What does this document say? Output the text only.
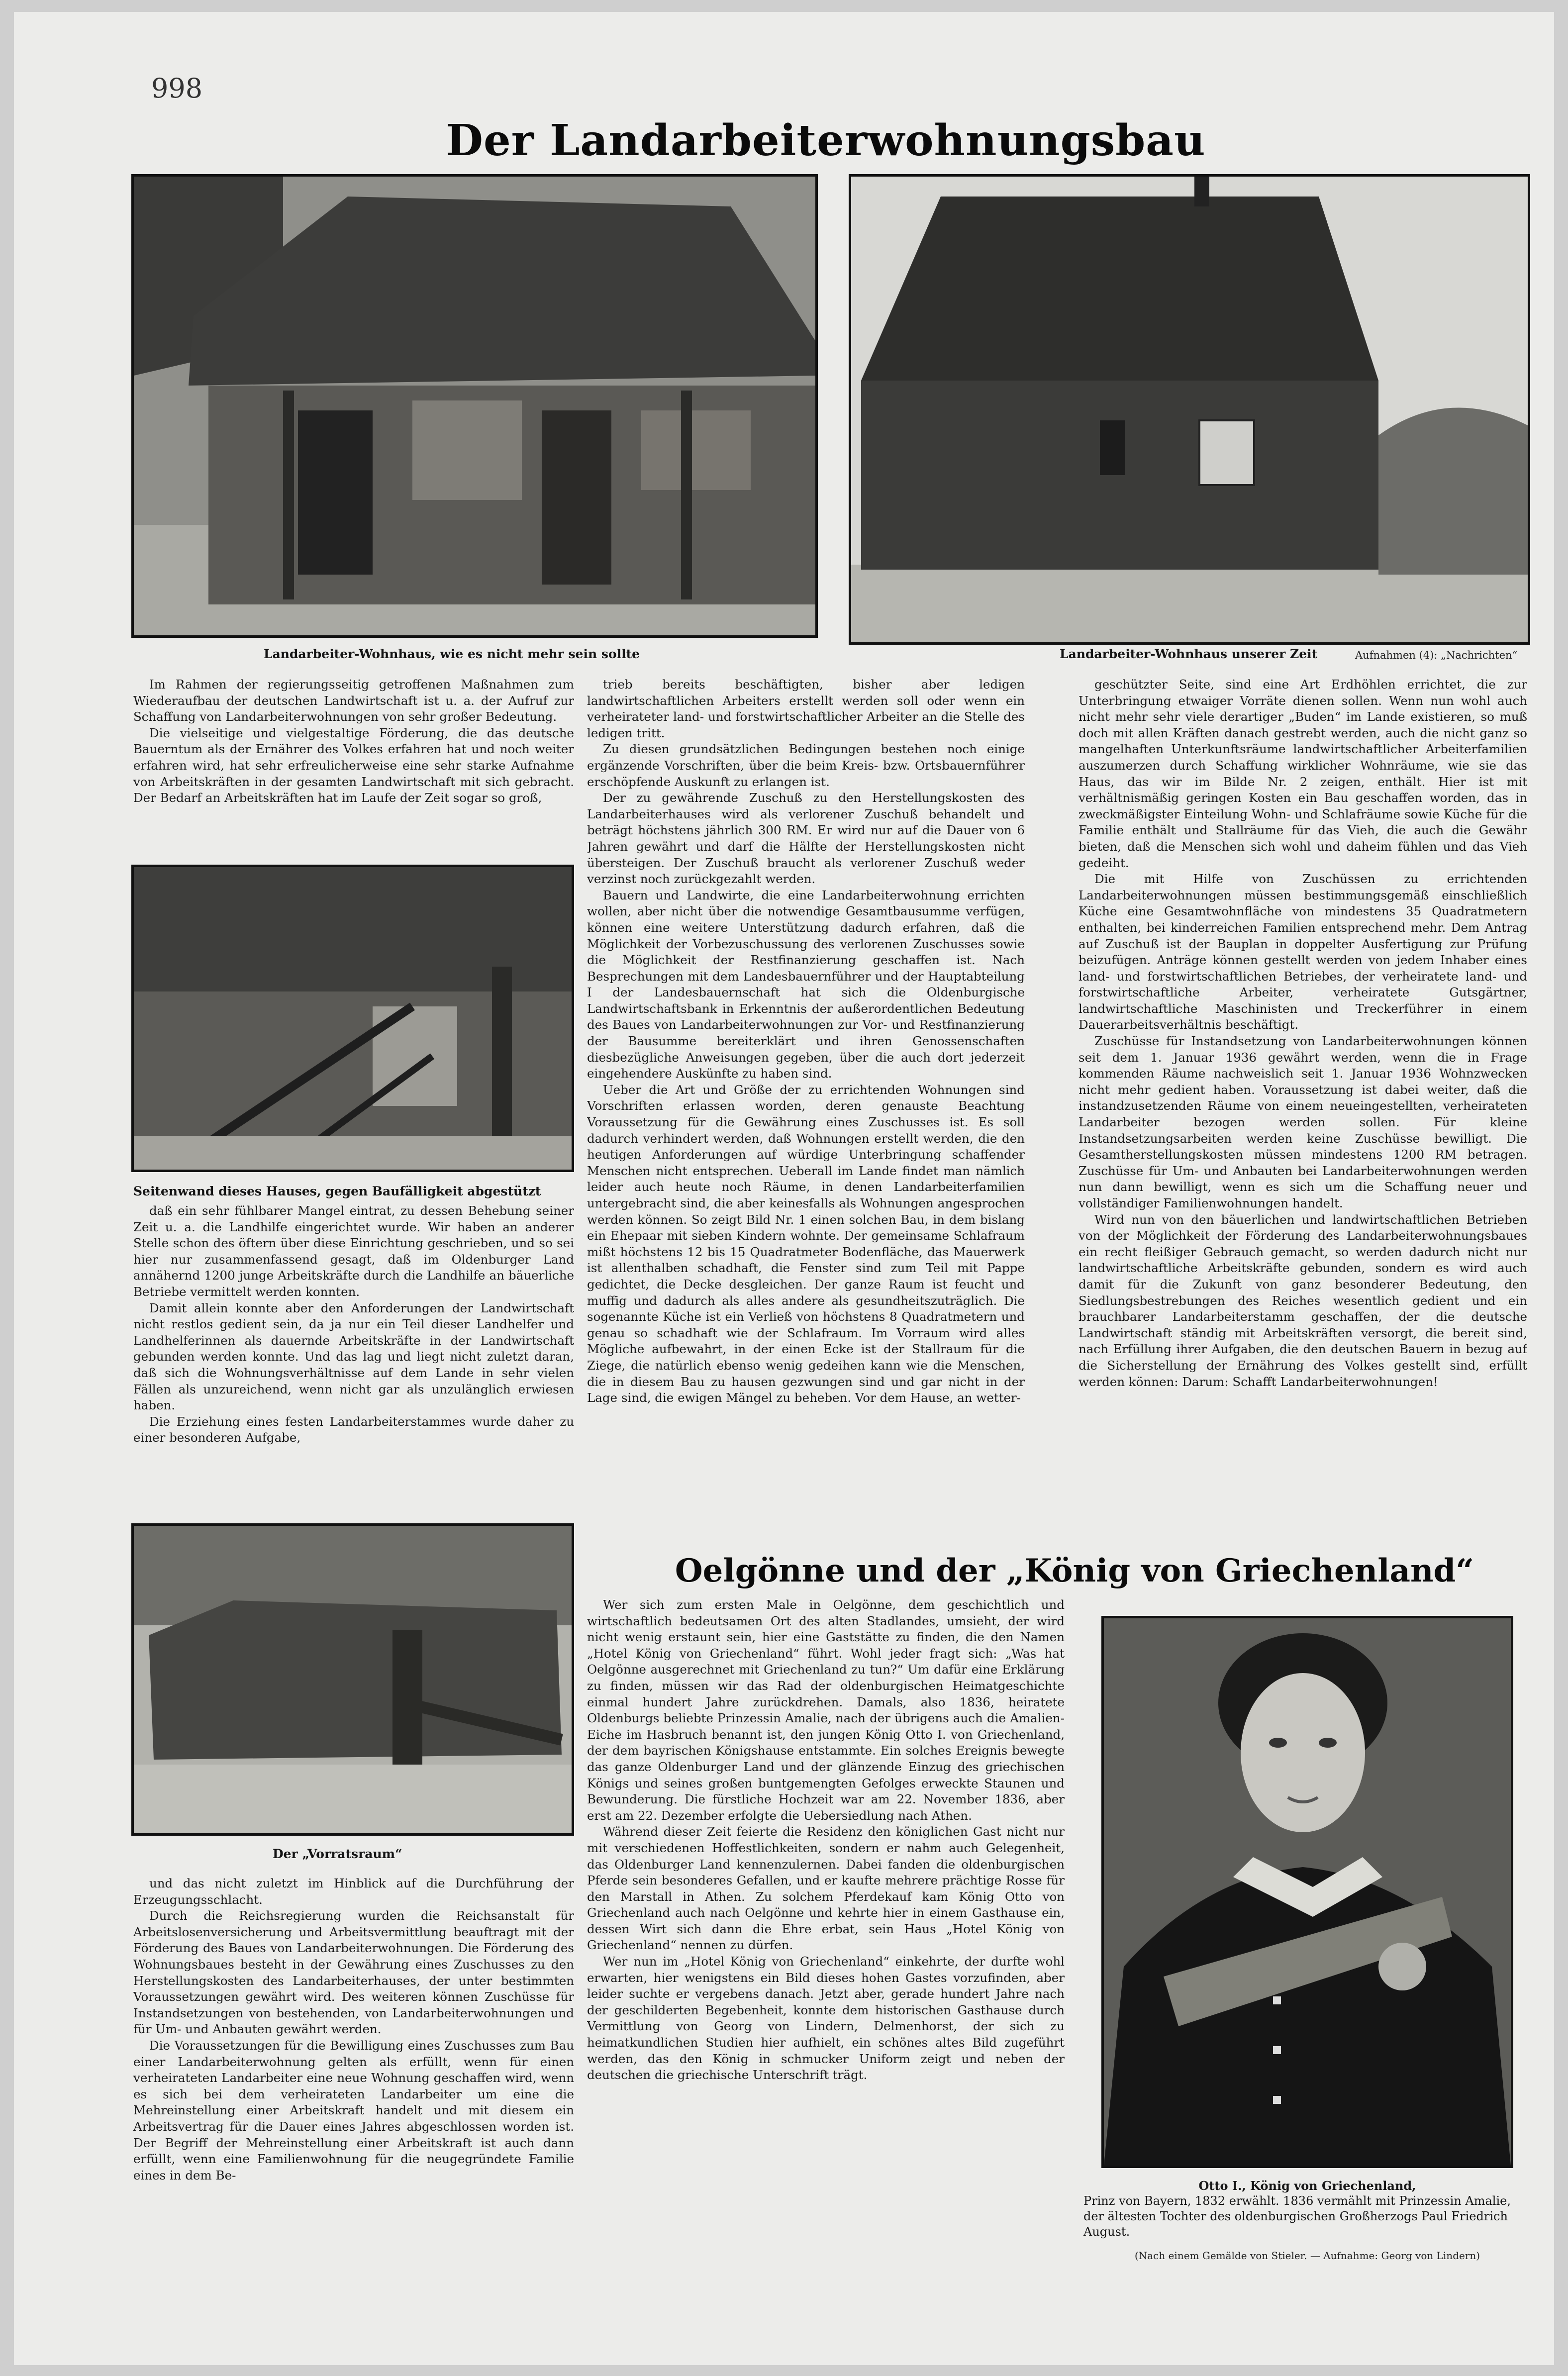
998
Der Landarbeiterwohnungsbau
Landarbeiter-Wohnhaus, wie es nicht mehr sein sollte	Landarbeiter-Wohnhaus unserer Zeit	Aufnahmen (4): „Nachrichten“
Seitenwand dieses Hauses, gegen Baufälligkeit abgestützt
Der „Vorratsraum“

Im Rahmen der regierungsseitig getroffenen Maßnahmen zum Wiederaufbau der deutschen Landwirtschaft ist u. a. der Aufruf zur Schaffung von Landarbeiterwohnungen von sehr großer Bedeutung.

Die vielseitige und vielgestaltige Förderung, die das deutsche Bauerntum als der Ernährer des Volkes erfahren hat und noch weiter erfahren wird, hat sehr erfreulicherweise eine sehr starke Aufnahme von Arbeitskräften in der gesamten Landwirtschaft mit sich gebracht. Der Bedarf an Arbeitskräften hat im Laufe der Zeit sogar so groß,

daß ein sehr fühlbarer Mangel eintrat, zu dessen Behebung seiner Zeit u. a. die Landhilfe eingerichtet wurde. Wir haben an anderer Stelle schon des öftern über diese Einrichtung geschrieben, und so sei hier nur zusammenfassend gesagt, daß im Oldenburger Land annähernd 1200 junge Arbeitskräfte durch die Landhilfe an bäuerliche Betriebe vermittelt werden konnten.

Damit allein konnte aber den Anforderungen der Landwirtschaft nicht restlos gedient sein, da ja nur ein Teil dieser Landhelfer und Landhelferinnen als dauernde Arbeitskräfte in der Landwirtschaft gebunden werden konnte. Und das lag und liegt nicht zuletzt daran, daß sich die Wohnungsverhältnisse auf dem Lande in sehr vielen Fällen als unzureichend, wenn nicht gar als unzulänglich erwiesen haben.

Die Erziehung eines festen Landarbeiterstammes wurde daher zu einer besonderen Aufgabe,

und das nicht zuletzt im Hinblick auf die Durchführung der Erzeugungsschlacht.

Durch die Reichsregierung wurden die Reichsanstalt für Arbeitslosenversicherung und Arbeitsvermittlung beauftragt mit der Förderung des Baues von Landarbeiterwohnungen. Die Förderung des Wohnungsbaues besteht in der Gewährung eines Zuschusses zu den Herstellungskosten des Landarbeiterhauses, der unter bestimmten Voraussetzungen gewährt wird. Des weiteren können Zuschüsse für Instandsetzungen von bestehenden, von Landarbeiterwohnungen und für Um- und Anbauten gewährt werden.

Die Voraussetzungen für die Bewilligung eines Zuschusses zum Bau einer Landarbeiterwohnung gelten als erfüllt, wenn für einen verheirateten Landarbeiter eine neue Wohnung geschaffen wird, wenn es sich bei dem verheirateten Landarbeiter um eine die Mehreinstellung einer Arbeitskraft handelt und mit diesem ein Arbeitsvertrag für die Dauer eines Jahres abgeschlossen worden ist. Der Begriff der Mehreinstellung einer Arbeitskraft ist auch dann erfüllt, wenn eine Familienwohnung für die neugegründete Familie eines in dem Be-

trieb bereits beschäftigten, bisher aber ledigen landwirtschaftlichen Arbeiters erstellt werden soll oder wenn ein verheirateter land- und forstwirtschaftlicher Arbeiter an die Stelle des ledigen tritt.

Zu diesen grundsätzlichen Bedingungen bestehen noch einige ergänzende Vorschriften, über die beim Kreis- bzw. Ortsbauernführer erschöpfende Auskunft zu erlangen ist.

Der zu gewährende Zuschuß zu den Herstellungskosten des Landarbeiterhauses wird als verlorener Zuschuß behandelt und beträgt höchstens jährlich 300 RM. Er wird nur auf die Dauer von 6 Jahren gewährt und darf die Hälfte der Herstellungskosten nicht übersteigen. Der Zuschuß braucht als verlorener Zuschuß weder verzinst noch zurückgezahlt werden.

Bauern und Landwirte, die eine Landarbeiterwohnung errichten wollen, aber nicht über die notwendige Gesamtbausumme verfügen, können eine weitere Unterstützung dadurch erfahren, daß die Möglichkeit der Vorbezuschussung des verlorenen Zuschusses sowie die Möglichkeit der Restfinanzierung geschaffen ist. Nach Besprechungen mit dem Landesbauernführer und der Hauptabteilung I der Landesbauernschaft hat sich die Oldenburgische Landwirtschaftsbank in Erkenntnis der außerordentlichen Bedeutung des Baues von Landarbeiterwohnungen zur Vor- und Restfinanzierung der Bausumme bereiterklärt und ihren Genossenschaften diesbezügliche Anweisungen gegeben, über die auch dort jederzeit eingehendere Auskünfte zu haben sind.

Ueber die Art und Größe der zu errichtenden Wohnungen sind Vorschriften erlassen worden, deren genauste Beachtung Voraussetzung für die Gewährung eines Zuschusses ist. Es soll dadurch verhindert werden, daß Wohnungen erstellt werden, die den heutigen Anforderungen auf würdige Unterbringung schaffender Menschen nicht entsprechen. Ueberall im Lande findet man nämlich leider auch heute noch Räume, in denen Landarbeiterfamilien untergebracht sind, die aber keinesfalls als Wohnungen angesprochen werden können. So zeigt Bild Nr. 1 einen solchen Bau, in dem bislang ein Ehepaar mit sieben Kindern wohnte. Der gemeinsame Schlafraum mißt höchstens 12 bis 15 Quadratmeter Bodenfläche, das Mauerwerk ist allenthalben schadhaft, die Fenster sind zum Teil mit Pappe gedichtet, die Decke desgleichen. Der ganze Raum ist feucht und muffig und dadurch als alles andere als gesundheitszuträglich. Die sogenannte Küche ist ein Verließ von höchstens 8 Quadratmetern und genau so schadhaft wie der Schlafraum. Im Vorraum wird alles Mögliche aufbewahrt, in der einen Ecke ist der Stallraum für die Ziege, die natürlich ebenso wenig gedeihen kann wie die Menschen, die in diesem Bau zu hausen gezwungen sind und gar nicht in der Lage sind, die ewigen Mängel zu beheben. Vor dem Hause, an wetter-

geschützter Seite, sind eine Art Erdhöhlen errichtet, die zur Unterbringung etwaiger Vorräte dienen sollen. Wenn nun wohl auch nicht mehr sehr viele derartiger „Buden“ im Lande existieren, so muß doch mit allen Kräften danach gestrebt werden, auch die nicht ganz so mangelhaften Unterkunftsräume landwirtschaftlicher Arbeiterfamilien auszumerzen durch Schaffung wirklicher Wohnräume, wie sie das Haus, das wir im Bilde Nr. 2 zeigen, enthält. Hier ist mit verhältnismäßig geringen Kosten ein Bau geschaffen worden, das in zweckmäßigster Einteilung Wohn- und Schlafräume sowie Küche für die Familie enthält und Stallräume für das Vieh, die auch die Gewähr bieten, daß die Menschen sich wohl und daheim fühlen und das Vieh gedeiht.

Die mit Hilfe von Zuschüssen zu errichtenden Landarbeiterwohnungen müssen bestimmungsgemäß einschließlich Küche eine Gesamtwohnfläche von mindestens 35 Quadratmetern enthalten, bei kinderreichen Familien entsprechend mehr. Dem Antrag auf Zuschuß ist der Bauplan in doppelter Ausfertigung zur Prüfung beizufügen. Anträge können gestellt werden von jedem Inhaber eines land- und forstwirtschaftlichen Betriebes, der verheiratete land- und forstwirtschaftliche Arbeiter, verheiratete Gutsgärtner, landwirtschaftliche Maschinisten und Treckerführer in einem Dauerarbeitsverhältnis beschäftigt.

Zuschüsse für Instandsetzung von Landarbeiterwohnungen können seit dem 1. Januar 1936 gewährt werden, wenn die in Frage kommenden Räume nachweislich seit 1. Januar 1936 Wohnzwecken nicht mehr gedient haben. Voraussetzung ist dabei weiter, daß die instandzusetzenden Räume von einem neueingestellten, verheirateten Landarbeiter bezogen werden sollen. Für kleine Instandsetzungsarbeiten werden keine Zuschüsse bewilligt. Die Gesamtherstellungskosten müssen mindestens 1200 RM betragen. Zuschüsse für Um- und Anbauten bei Landarbeiterwohnungen werden nun dann bewilligt, wenn es sich um die Schaffung neuer und vollständiger Familienwohnungen handelt.

Wird nun von den bäuerlichen und landwirtschaftlichen Betrieben von der Möglichkeit der Förderung des Landarbeiterwohnungsbaues ein recht fleißiger Gebrauch gemacht, so werden dadurch nicht nur landwirtschaftliche Arbeitskräfte gebunden, sondern es wird auch damit für die Zukunft von ganz besonderer Bedeutung, den Siedlungsbestrebungen des Reiches wesentlich gedient und ein brauchbarer Landarbeiterstamm geschaffen, der die deutsche Landwirtschaft ständig mit Arbeitskräften versorgt, die bereit sind, nach Erfüllung ihrer Aufgaben, die den deutschen Bauern in bezug auf die Sicherstellung der Ernährung des Volkes gestellt sind, erfüllt werden können: Darum: Schafft Landarbeiterwohnungen!

Oelgönne und der „König von Griechenland“

Wer sich zum ersten Male in Oelgönne, dem geschichtlich und wirtschaftlich bedeutsamen Ort des alten Stadlandes, umsieht, der wird nicht wenig erstaunt sein, hier eine Gaststätte zu finden, die den Namen „Hotel König von Griechenland“ führt. Wohl jeder fragt sich: „Was hat Oelgönne ausgerechnet mit Griechenland zu tun?“ Um dafür eine Erklärung zu finden, müssen wir das Rad der oldenburgischen Heimatgeschichte einmal hundert Jahre zurückdrehen. Damals, also 1836, heiratete Oldenburgs beliebte Prinzessin Amalie, nach der übrigens auch die Amalien-Eiche im Hasbruch benannt ist, den jungen König Otto I. von Griechenland, der dem bayrischen Königshause entstammte. Ein solches Ereignis bewegte das ganze Oldenburger Land und der glänzende Einzug des griechischen Königs und seines großen buntgemengten Gefolges erweckte Staunen und Bewunderung. Die fürstliche Hochzeit war am 22. November 1836, aber erst am 22. Dezember erfolgte die Uebersiedlung nach Athen.

Während dieser Zeit feierte die Residenz den königlichen Gast nicht nur mit verschiedenen Hoffestlichkeiten, sondern er nahm auch Gelegenheit, das Oldenburger Land kennenzulernen. Dabei fanden die oldenburgischen Pferde sein besonderes Gefallen, und er kaufte mehrere prächtige Rosse für den Marstall in Athen. Zu solchem Pferdekauf kam König Otto von Griechenland auch nach Oelgönne und kehrte hier in einem Gasthause ein, dessen Wirt sich dann die Ehre erbat, sein Haus „Hotel König von Griechenland“ nennen zu dürfen.

Wer nun im „Hotel König von Griechenland“ einkehrte, der durfte wohl erwarten, hier wenigstens ein Bild dieses hohen Gastes vorzufinden, aber leider suchte er vergebens danach. Jetzt aber, gerade hundert Jahre nach der geschilderten Begebenheit, konnte dem historischen Gasthause durch Vermittlung von Georg von Lindern, Delmenhorst, der sich zu heimatkundlichen Studien hier aufhielt, ein schönes altes Bild zugeführt werden, das den König in schmucker Uniform zeigt und neben der deutschen die griechische Unterschrift trägt.

Otto I., König von Griechenland,
Prinz von Bayern, 1832 erwählt. 1836 vermählt mit Prinzessin Amalie, der ältesten Tochter des oldenburgischen Großherzogs Paul Friedrich August.
(Nach einem Gemälde von Stieler. — Aufnahme: Georg von Lindern)
